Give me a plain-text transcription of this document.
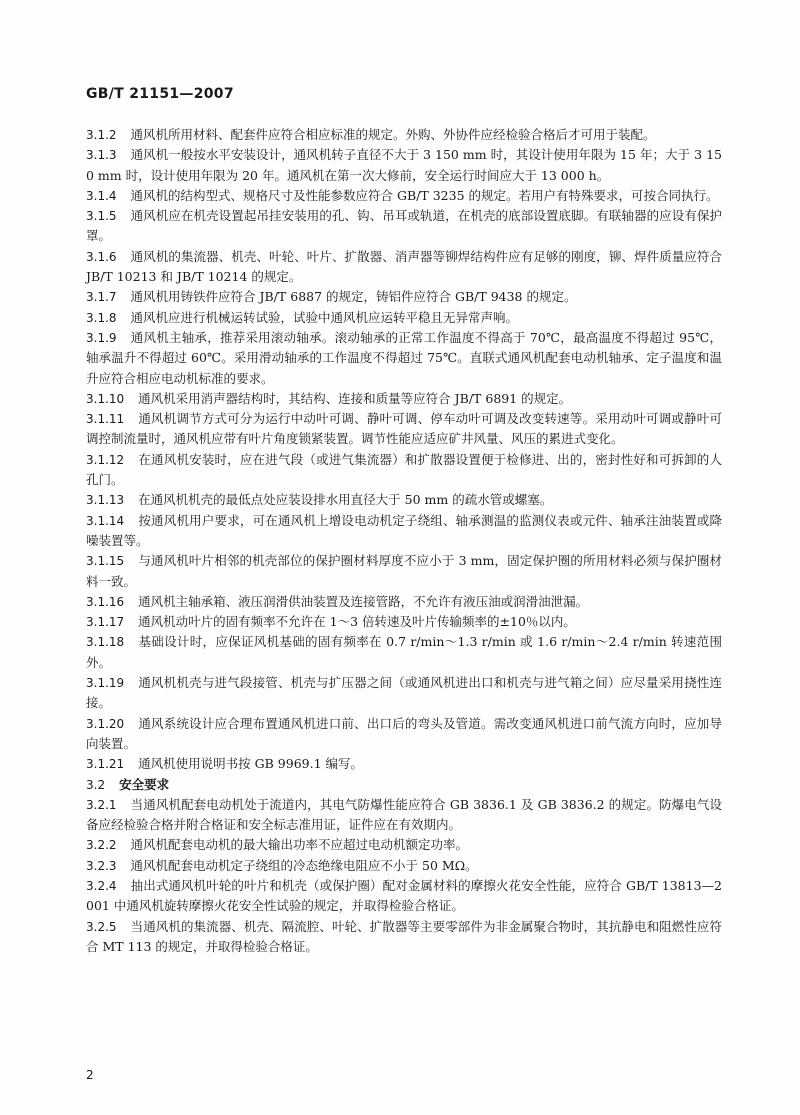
GB/T 21151—2007

3.1.2 通风机所用材料、配套件应符合相应标准的规定。外购、外协件应经检验合格后才可用于装配。

3.1.3 通风机一般按水平安装设计，通风机转子直径不大于 3 150 mm 时，其设计使用年限为 15 年；大于 3 150 mm 时，设计使用年限为 20 年。通风机在第一次大修前，安全运行时间应大于 13 000 h。

3.1.4 通风机的结构型式、规格尺寸及性能参数应符合 GB/T 3235 的规定。若用户有特殊要求，可按合同执行。

3.1.5 通风机应在机壳设置起吊挂安装用的孔、钩、吊耳或轨道，在机壳的底部设置底脚。有联轴器的应设有保护罩。

3.1.6 通风机的集流器、机壳、叶轮、叶片、扩散器、消声器等铆焊结构件应有足够的刚度，铆、焊件质量应符合 JB/T 10213 和 JB/T 10214 的规定。

3.1.7 通风机用铸铁件应符合 JB/T 6887 的规定，铸铝件应符合 GB/T 9438 的规定。

3.1.8 通风机应进行机械运转试验，试验中通风机应运转平稳且无异常声响。

3.1.9 通风机主轴承，推荐采用滚动轴承。滚动轴承的正常工作温度不得高于 70℃，最高温度不得超过 95℃，轴承温升不得超过 60℃。采用滑动轴承的工作温度不得超过 75℃。直联式通风机配套电动机轴承、定子温度和温升应符合相应电动机标准的要求。

3.1.10 通风机采用消声器结构时，其结构、连接和质量等应符合 JB/T 6891 的规定。

3.1.11 通风机调节方式可分为运行中动叶可调、静叶可调、停车动叶可调及改变转速等。采用动叶可调或静叶可调控制流量时，通风机应带有叶片角度锁紧装置。调节性能应适应矿井风量、风压的累进式变化。

3.1.12 在通风机安装时，应在进气段（或进气集流器）和扩散器设置便于检修进、出的，密封性好和可拆卸的人孔门。

3.1.13 在通风机机壳的最低点处应装设排水用直径大于 50 mm 的疏水管或螺塞。

3.1.14 按通风机用户要求，可在通风机上增设电动机定子绕组、轴承测温的监测仪表或元件、轴承注油装置或降噪装置等。

3.1.15 与通风机叶片相邻的机壳部位的保护圈材料厚度不应小于 3 mm，固定保护圈的所用材料必须与保护圈材料一致。

3.1.16 通风机主轴承箱、液压润滑供油装置及连接管路，不允许有液压油或润滑油泄漏。

3.1.17 通风机动叶片的固有频率不允许在 1～3 倍转速及叶片传输频率的±10％以内。

3.1.18 基础设计时，应保证风机基础的固有频率在 0.7 r/min～1.3 r/min 或 1.6 r/min～2.4 r/min 转速范围外。

3.1.19 通风机机壳与进气段接管、机壳与扩压器之间（或通风机进出口和机壳与进气箱之间）应尽量采用挠性连接。

3.1.20 通风系统设计应合理布置通风机进口前、出口后的弯头及管道。需改变通风机进口前气流方向时，应加导向装置。

3.1.21 通风机使用说明书按 GB 9969.1 编写。

3.2 安全要求

3.2.1 当通风机配套电动机处于流道内，其电气防爆性能应符合 GB 3836.1 及 GB 3836.2 的规定。防爆电气设备应经检验合格并附合格证和安全标志准用证，证件应在有效期内。

3.2.2 通风机配套电动机的最大输出功率不应超过电动机额定功率。

3.2.3 通风机配套电动机定子绕组的冷态绝缘电阻应不小于 50 MΩ。

3.2.4 抽出式通风机叶轮的叶片和机壳（或保护圈）配对金属材料的摩擦火花安全性能，应符合 GB/T 13813—2001 中通风机旋转摩擦火花安全性试验的规定，并取得检验合格证。

3.2.5 当通风机的集流器、机壳、隔流腔、叶轮、扩散器等主要零部件为非金属聚合物时，其抗静电和阻燃性应符合 MT 113 的规定，并取得检验合格证。

2
